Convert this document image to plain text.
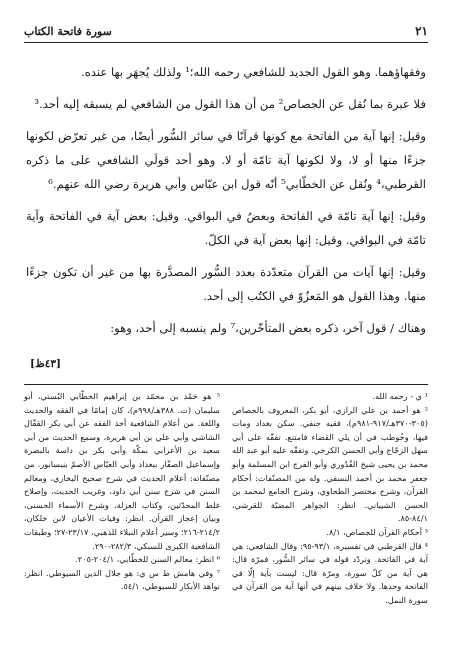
٢١
سورة فاتحة الكتاب

وفقهاؤهما. وهو القول الجديد للشافعي رحمه الله؛¹ ولذلك يُجهَر بها عنده.

فلا عبرة بما نُقل عن الجصاص² من أن هذا القول من الشافعي لم يسبقه إليه أحد.³

وقيل: إنها آية من الفاتحة مع كونها قرآنًا في سائر السُّور أيضًا، من غير تعرّض لكونها جزءًا منها أو لا، ولا لكونها آية تامّة أو لا. وهو أحد قولَي الشافعي على ما ذكره القرطبي،⁴ ونُقل عن الخطّابي⁵ أنّه قول ابن عبّاس وأبي هريرة رضي الله عنهم.⁶

وقيل: إنها آية تامّة في الفاتحة وبعضٌ في البواقي. وقيل: بعض آية في الفاتحة وآية تامّة في البواقي. وقيل: إنها بعض آية في الكلّ.

وقيل: إنها آيات من القرآن متعدّدة بعدد السُّور المصدَّرة بها من غير أن تكون جزءًا منها. وهذا القول هو المَعزُوّ في الكتُب إلى أحد.

وهناك / قول آخر، ذكره بعض المتأخّرين،⁷ ولم ينسبه إلى أحد، وهو:

[٤٣ظ]

¹ ي - رحمه الله.

² هو أحمد بن علي الرازي، أبو بكر، المعروف بالجصاص (٣٠٥-٣٧٠هـ/٩١٧-٩٨١م)، فقيه حنفي. سكن بغداد ومات فيها، وخُوطب في أن يلي القضاء فامتنع. تفقّه على أبي سهل الزجّاج وأبي الحسن الكرخي. وتفقّه عليه أبو عبد الله محمد بن يحيى شيخ القُدُوري وأبو الفرج ابن المسلمة وأبو جعفر محمد بن أحمد النسفي. وله من المصنّفات: أحكام القرآن، وشرح مختصر الطحاوي، وشرح الجامع لمحمد بن الحسن الشيباني. انظر: الجواهر المضيّة للقرشي، ٨٤/١-٨٥.

³ أحكام القرآن للجصاص، ٨/١.

⁴ قال القرطبي في تفسيره، ٩٣/١-٩٥: وقال الشافعي: هي آية في الفاتحة. وتردّد قوله في سائر السُّور، فمرّة قال: هي آية من كلّ سورة، ومرّة قال: ليست بآية إلّا في الفاتحة وحدها. ولا خلاف بينهم في أنها آية من القرآن في سورة النمل.

⁵ هو حَمْد بن محمّد بن إبراهيم الخطّابي البُستي، أبو سليمان (ت. ٣٨٨هـ/٩٩٨م)، كان إمامًا في الفقه والحديث واللغة. من أعلام الشافعية أخذ الفقه عن أبي بكر القفّال الشاشي وأبي علي بن أبي هريرة، وسمع الحديث من أبي سعيد بن الأعرابي بمكّة وأبي بكر بن داسة بالبصرة وإسماعيل الصفّار ببغداد وأبي العبّاس الأصمّ بنيسابور. من مصنّفاته: أعلام الحديث في شرح صحيح البخاري، ومعالم السنن في شرح سنن أبي داود، وغريب الحديث، وإصلاح غلط المحدّثين، وكتاب العزلة، وشرح الأسماء الحسنى، وبيان إعجاز القرآن. انظر: وفيات الأعيان لابن خلكان، ٢١٤/٢-٢١٦؛ وسير أعلام النبلاء للذهبي، ٢٣/١٧-٢٧؛ وطبقات الشافعية الكبرى للسبكي، ٢٨٢/٣-٢٩٠.

⁶ انظر: معالم السنن للخطّابي، ٢٠٤/١-٢٠٥.

⁷ وفي هامش ط س ي: هو جلال الدين السيوطي. انظر: نواهد الأبكار للسيوطي، ٥٤/١.
